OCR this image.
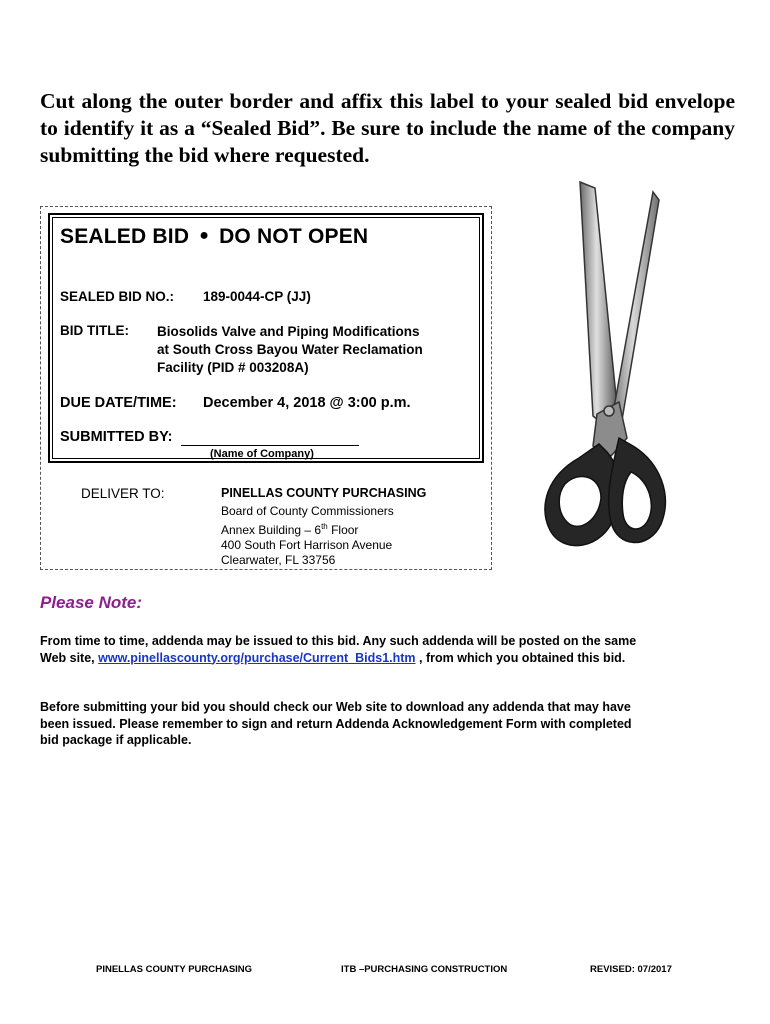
Cut along the outer border and affix this label to your sealed bid envelope to identify it as a “Sealed Bid”. Be sure to include the name of the company submitting the bid where requested.

SEALED BID ● DO NOT OPEN
SEALED BID NO.: 189-0044-CP (JJ)
BID TITLE: Biosolids Valve and Piping Modifications
at South Cross Bayou Water Reclamation
Facility (PID # 003208A)
DUE DATE/TIME: December 4, 2018 @ 3:00 p.m.
SUBMITTED BY:
(Name of Company)
DELIVER TO:	PINELLAS COUNTY PURCHASING
Board of County Commissioners
Annex Building – 6th Floor
400 South Fort Harrison Avenue
Clearwater, FL 33756
Please Note:

From time to time, addenda may be issued to this bid. Any such addenda will be posted on the same Web site, www.pinellascounty.org/purchase/Current_Bids1.htm , from which you obtained this bid.

Before submitting your bid you should check our Web site to download any addenda that may have been issued. Please remember to sign and return Addenda Acknowledgement Form with completed bid package if applicable.

PINELLAS COUNTY PURCHASING	ITB –PURCHASING CONSTRUCTION	REVISED: 07/2017
